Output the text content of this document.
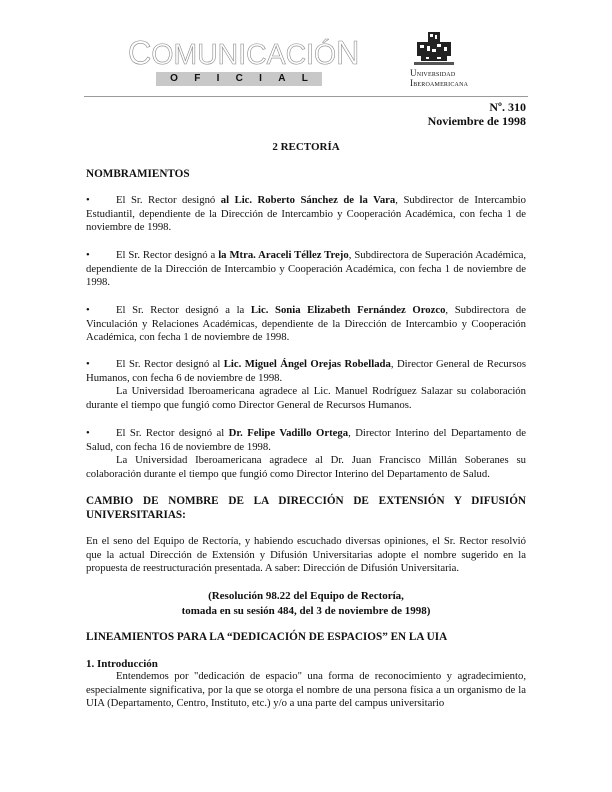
COMUNICACIÓN
O F I C I A L	Universidad
Iberoamericana
Nº. 310
Noviembre de 1998
2 RECTORÍA
NOMBRAMIENTOS
• El Sr. Rector designó al Lic. Roberto Sánchez de la Vara, Subdirector de Intercambio Estudiantil, dependiente de la Dirección de Intercambio y Cooperación Académica, con fecha 1 de noviembre de 1998.
• El Sr. Rector designó a la Mtra. Araceli Téllez Trejo, Subdirectora de Superación Académica, dependiente de la Dirección de Intercambio y Cooperación Académica, con fecha 1 de noviembre de 1998.
• El Sr. Rector designó a la Lic. Sonia Elizabeth Fernández Orozco, Subdirectora de Vinculación y Relaciones Académicas, dependiente de la Dirección de Intercambio y Cooperación Académica, con fecha 1 de noviembre de 1998.
• El Sr. Rector designó al Lic. Miguel Ángel Orejas Robellada, Director General de Recursos Humanos, con fecha 6 de noviembre de 1998.
La Universidad Iberoamericana agradece al Lic. Manuel Rodríguez Salazar su colaboración durante el tiempo que fungió como Director General de Recursos Humanos.
• El Sr. Rector designó al Dr. Felipe Vadillo Ortega, Director Interino del Departamento de Salud, con fecha 16 de noviembre de 1998.
La Universidad Iberoamericana agradece al Dr. Juan Francisco Millán Soberanes su colaboración durante el tiempo que fungió como Director Interino del Departamento de Salud.
CAMBIO DE NOMBRE DE LA DIRECCIÓN DE EXTENSIÓN Y DIFUSIÓN
UNIVERSITARIAS:
En el seno del Equipo de Rectoría, y habiendo escuchado diversas opiniones, el Sr. Rector resolvió que la actual Dirección de Extensión y Difusión Universitarias adopte el nombre sugerido en la propuesta de reestructuración presentada. A saber: Dirección de Difusión Universitaria.
(Resolución 98.22 del Equipo de Rectoría,
tomada en su sesión 484, del 3 de noviembre de 1998)
LINEAMIENTOS PARA LA “DEDICACIÓN DE ESPACIOS” EN LA UIA
1. Introducción
Entendemos por "dedicación de espacio" una forma de reconocimiento y agradecimiento, especialmente significativa, por la que se otorga el nombre de una persona física a un organismo de la UIA (Departamento, Centro, Instituto, etc.) y/o a una parte del campus universitario
